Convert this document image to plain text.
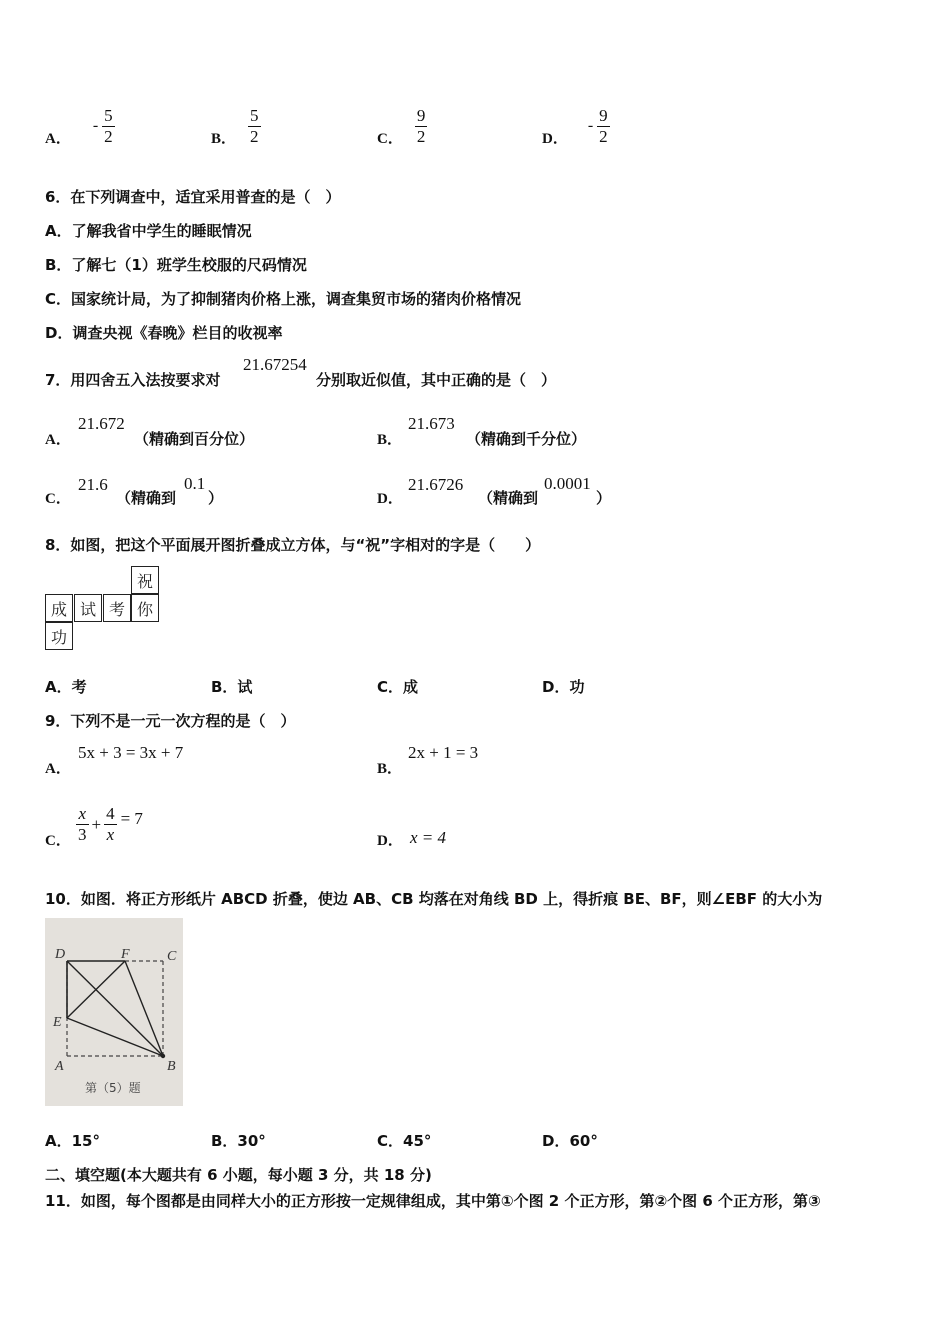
A．
- $\frac{5}{2}$	B． $\frac{5}{2}$	C． $\frac{9}{2}$	D．
- $\frac{9}{2}$
6．在下列调查中，适宜采用普查的是（　）
A．了解我省中学生的睡眠情况
B．了解七（1）班学生校服的尺码情况
C．国家统计局，为了抑制猪肉价格上涨，调查集贸市场的猪肉价格情况
D．调查央视《春晚》栏目的收视率
7．用四舍五入法按要求对
21.67254
分别取近似值，其中正确的是（　）
A．
21.672
（精确到百分位）	B．
21.673
（精确到千分位）
C．
21.6
（精确到
0.1
）	D．
21.6726
（精确到
0.0001
）
8．如图，把这个平面展开图折叠成立方体，与“祝”字相对的字是（　　）
祝
成 试 考 你
功
A．考	B．试	C．成	D．功
9．下列不是一元一次方程的是（　）
A．
5x + 3 = 3x + 7
B．
2x + 1 = 3
C． $\frac{x}{3} + \frac{4}{x} = 7$
D． x = 4
10．如图．将正方形纸片 ABCD 折叠，使边 AB、CB 均落在对角线 BD 上，得折痕 BE、BF，则∠EBF 的大小为
D	F	C
E
A	B
第（5）题
A．15°	B．30°	C．45°	D．60°
二、填空题(本大题共有 6 小题，每小题 3 分，共 18 分)
11．如图，每个图都是由同样大小的正方形按一定规律组成，其中第①个图 2 个正方形，第②个图 6 个正方形，第③
